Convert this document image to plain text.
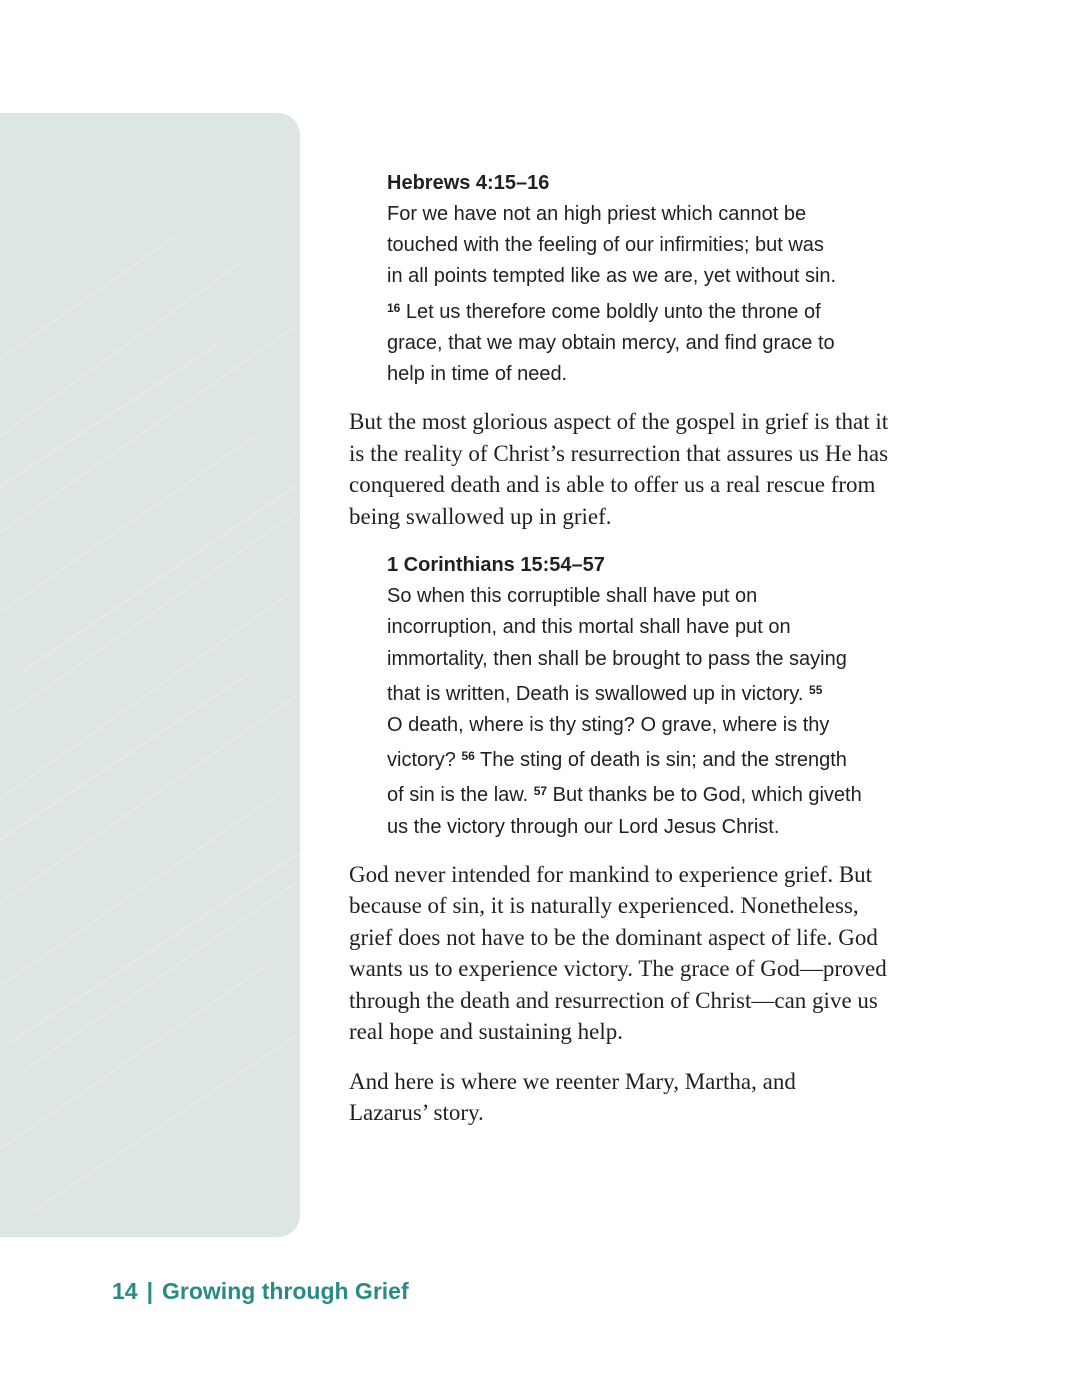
Hebrews 4:15–16
For we have not an high priest which cannot be
touched with the feeling of our infirmities; but was
in all points tempted like as we are, yet without sin.
$^{16}$ Let us therefore come boldly unto the throne of
grace, that we may obtain mercy, and find grace to
help in time of need.
But the most glorious aspect of the gospel in grief is that it
is the reality of Christ’s resurrection that assures us He has
conquered death and is able to offer us a real rescue from
being swallowed up in grief.
1 Corinthians 15:54–57
So when this corruptible shall have put on
incorruption, and this mortal shall have put on
immortality, then shall be brought to pass the saying
that is written, Death is swallowed up in victory. $^{55}$
O death, where is thy sting? O grave, where is thy
victory? $^{56}$ The sting of death is sin; and the strength
of sin is the law. $^{57}$ But thanks be to God, which giveth
us the victory through our Lord Jesus Christ.
God never intended for mankind to experience grief. But
because of sin, it is naturally experienced. Nonetheless,
grief does not have to be the dominant aspect of life. God
wants us to experience victory. The grace of God—proved
through the death and resurrection of Christ—can give us
real hope and sustaining help.
And here is where we reenter Mary, Martha, and
Lazarus’ story.
14 | Growing through Grief
